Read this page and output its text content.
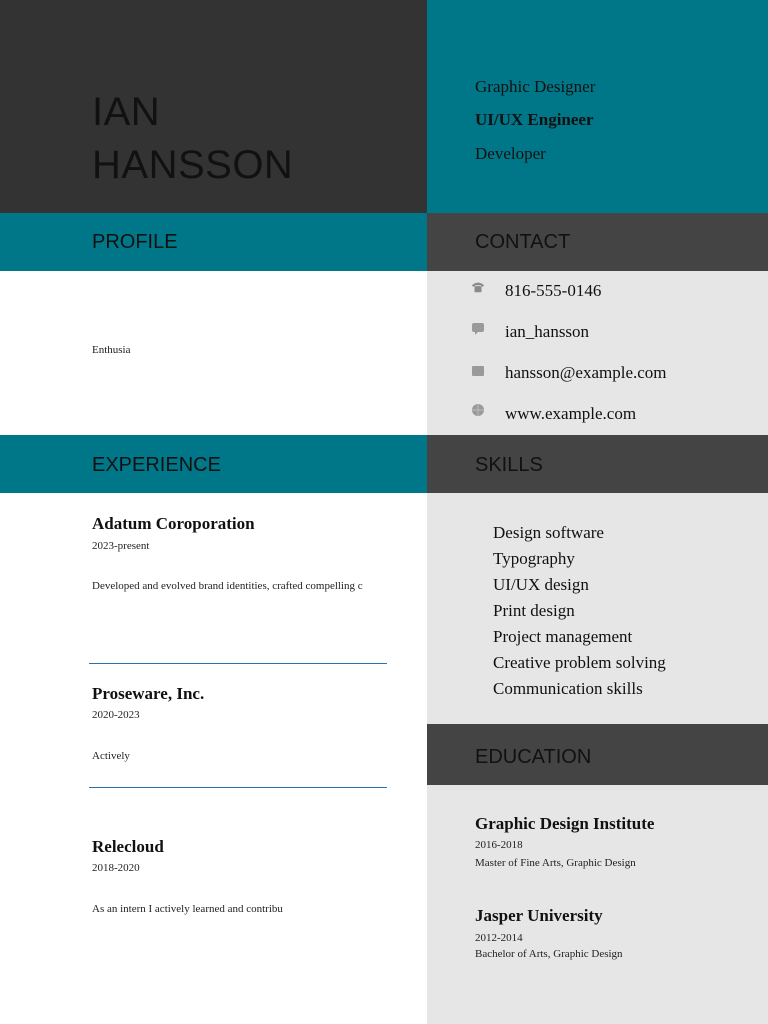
IAN
HANSSON
Graphic Designer
UI/UX Engineer
Developer
PROFILE	CONTACT
Enthusia
816-555-0146
ian_hansson
hansson@example.com
www.example.com
EXPERIENCE	SKILLS
EDUCATION
Adatum Coroporation
2023-present
Developed and evolved brand identities, crafted compelling c
Proseware, Inc.
2020-2023
Actively
Relecloud
2018-2020
As an intern I actively learned and contribu
Design software
Typography
UI/UX design
Print design
Project management
Creative problem solving
Communication skills
Graphic Design Institute
2016-2018
Master of Fine Arts, Graphic Design
Jasper University
2012-2014
Bachelor of Arts, Graphic Design
